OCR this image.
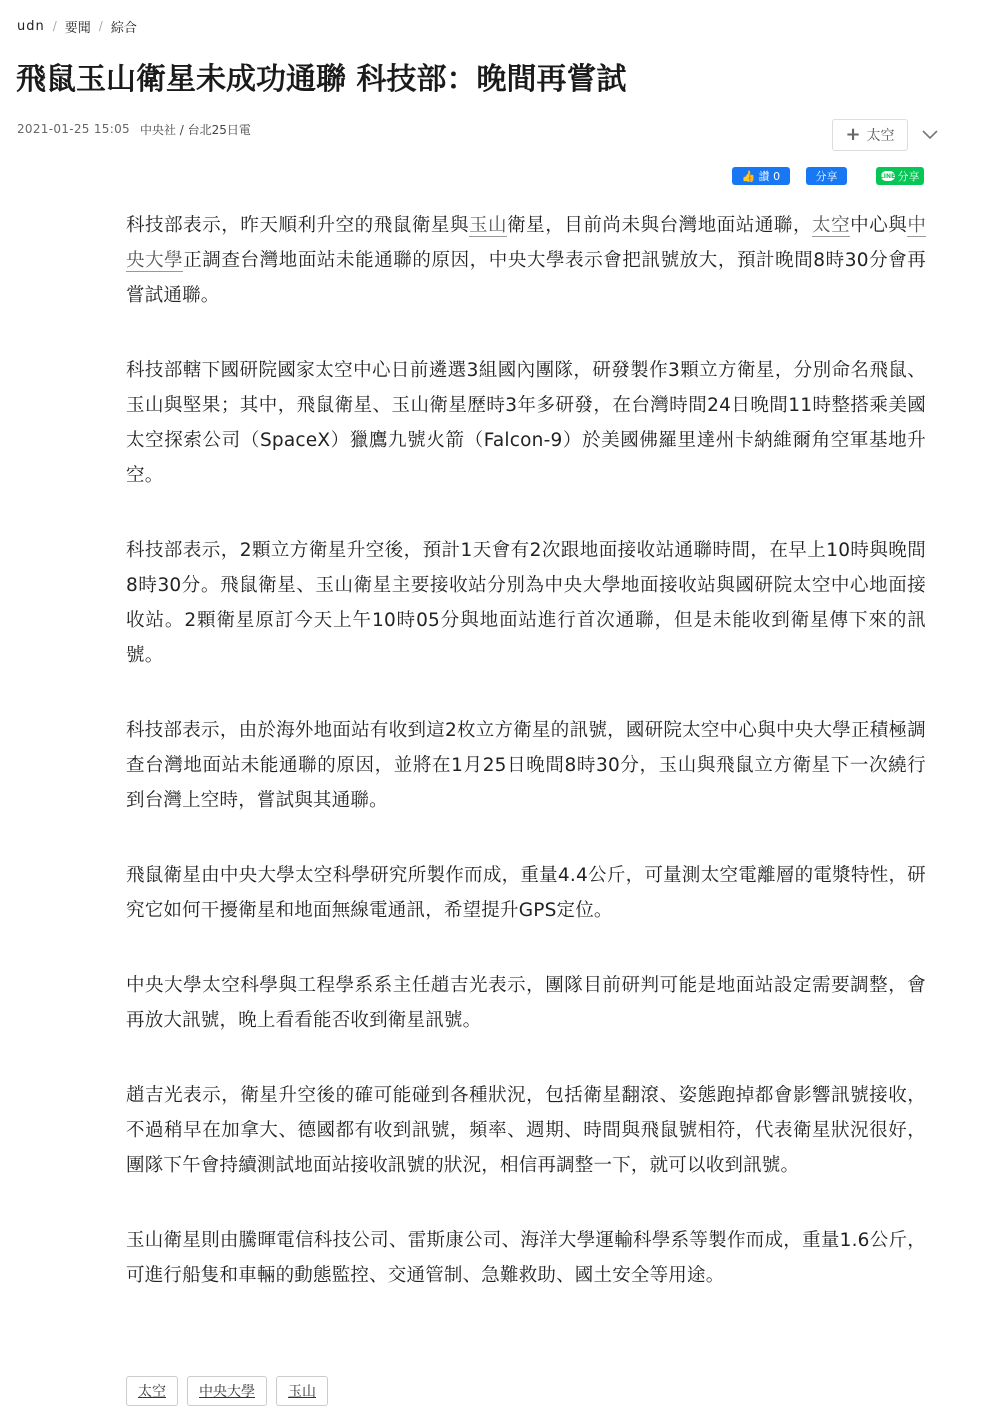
udn / 要聞 / 綜合
飛鼠玉山衛星未成功通聯 科技部：晚間再嘗試
2021-01-25 15:05 中央社 / 台北25日電	+ 太空
👍 讚 0	分享	LINE 分享

科技部表示，昨天順利升空的飛鼠衛星與玉山衛星，目前尚未與台灣地面站通聯，太空中心與中央大學正調查台灣地面站未能通聯的原因，中央大學表示會把訊號放大，預計晚間8時30分會再嘗試通聯。

科技部轄下國研院國家太空中心日前遴選3組國內團隊，研發製作3顆立方衛星，分別命名飛鼠、玉山與堅果；其中，飛鼠衛星、玉山衛星歷時3年多研發，在台灣時間24日晚間11時整搭乘美國太空探索公司（SpaceX）獵鷹九號火箭（Falcon-9）於美國佛羅里達州卡納維爾角空軍基地升空。

科技部表示，2顆立方衛星升空後，預計1天會有2次跟地面接收站通聯時間，在早上10時與晚間8時30分。飛鼠衛星、玉山衛星主要接收站分別為中央大學地面接收站與國研院太空中心地面接收站。2顆衛星原訂今天上午10時05分與地面站進行首次通聯，但是未能收到衛星傳下來的訊號。

科技部表示，由於海外地面站有收到這2枚立方衛星的訊號，國研院太空中心與中央大學正積極調查台灣地面站未能通聯的原因，並將在1月25日晚間8時30分，玉山與飛鼠立方衛星下一次繞行到台灣上空時，嘗試與其通聯。

飛鼠衛星由中央大學太空科學研究所製作而成，重量4.4公斤，可量測太空電離層的電漿特性，研究它如何干擾衛星和地面無線電通訊，希望提升GPS定位。

中央大學太空科學與工程學系系主任趙吉光表示，團隊目前研判可能是地面站設定需要調整，會再放大訊號，晚上看看能否收到衛星訊號。

趙吉光表示，衛星升空後的確可能碰到各種狀況，包括衛星翻滾、姿態跑掉都會影響訊號接收，不過稍早在加拿大、德國都有收到訊號，頻率、週期、時間與飛鼠號相符，代表衛星狀況很好，團隊下午會持續測試地面站接收訊號的狀況，相信再調整一下，就可以收到訊號。

玉山衛星則由騰暉電信科技公司、雷斯康公司、海洋大學運輸科學系等製作而成，重量1.6公斤，可進行船隻和車輛的動態監控、交通管制、急難救助、國土安全等用途。

太空	中央大學	玉山
